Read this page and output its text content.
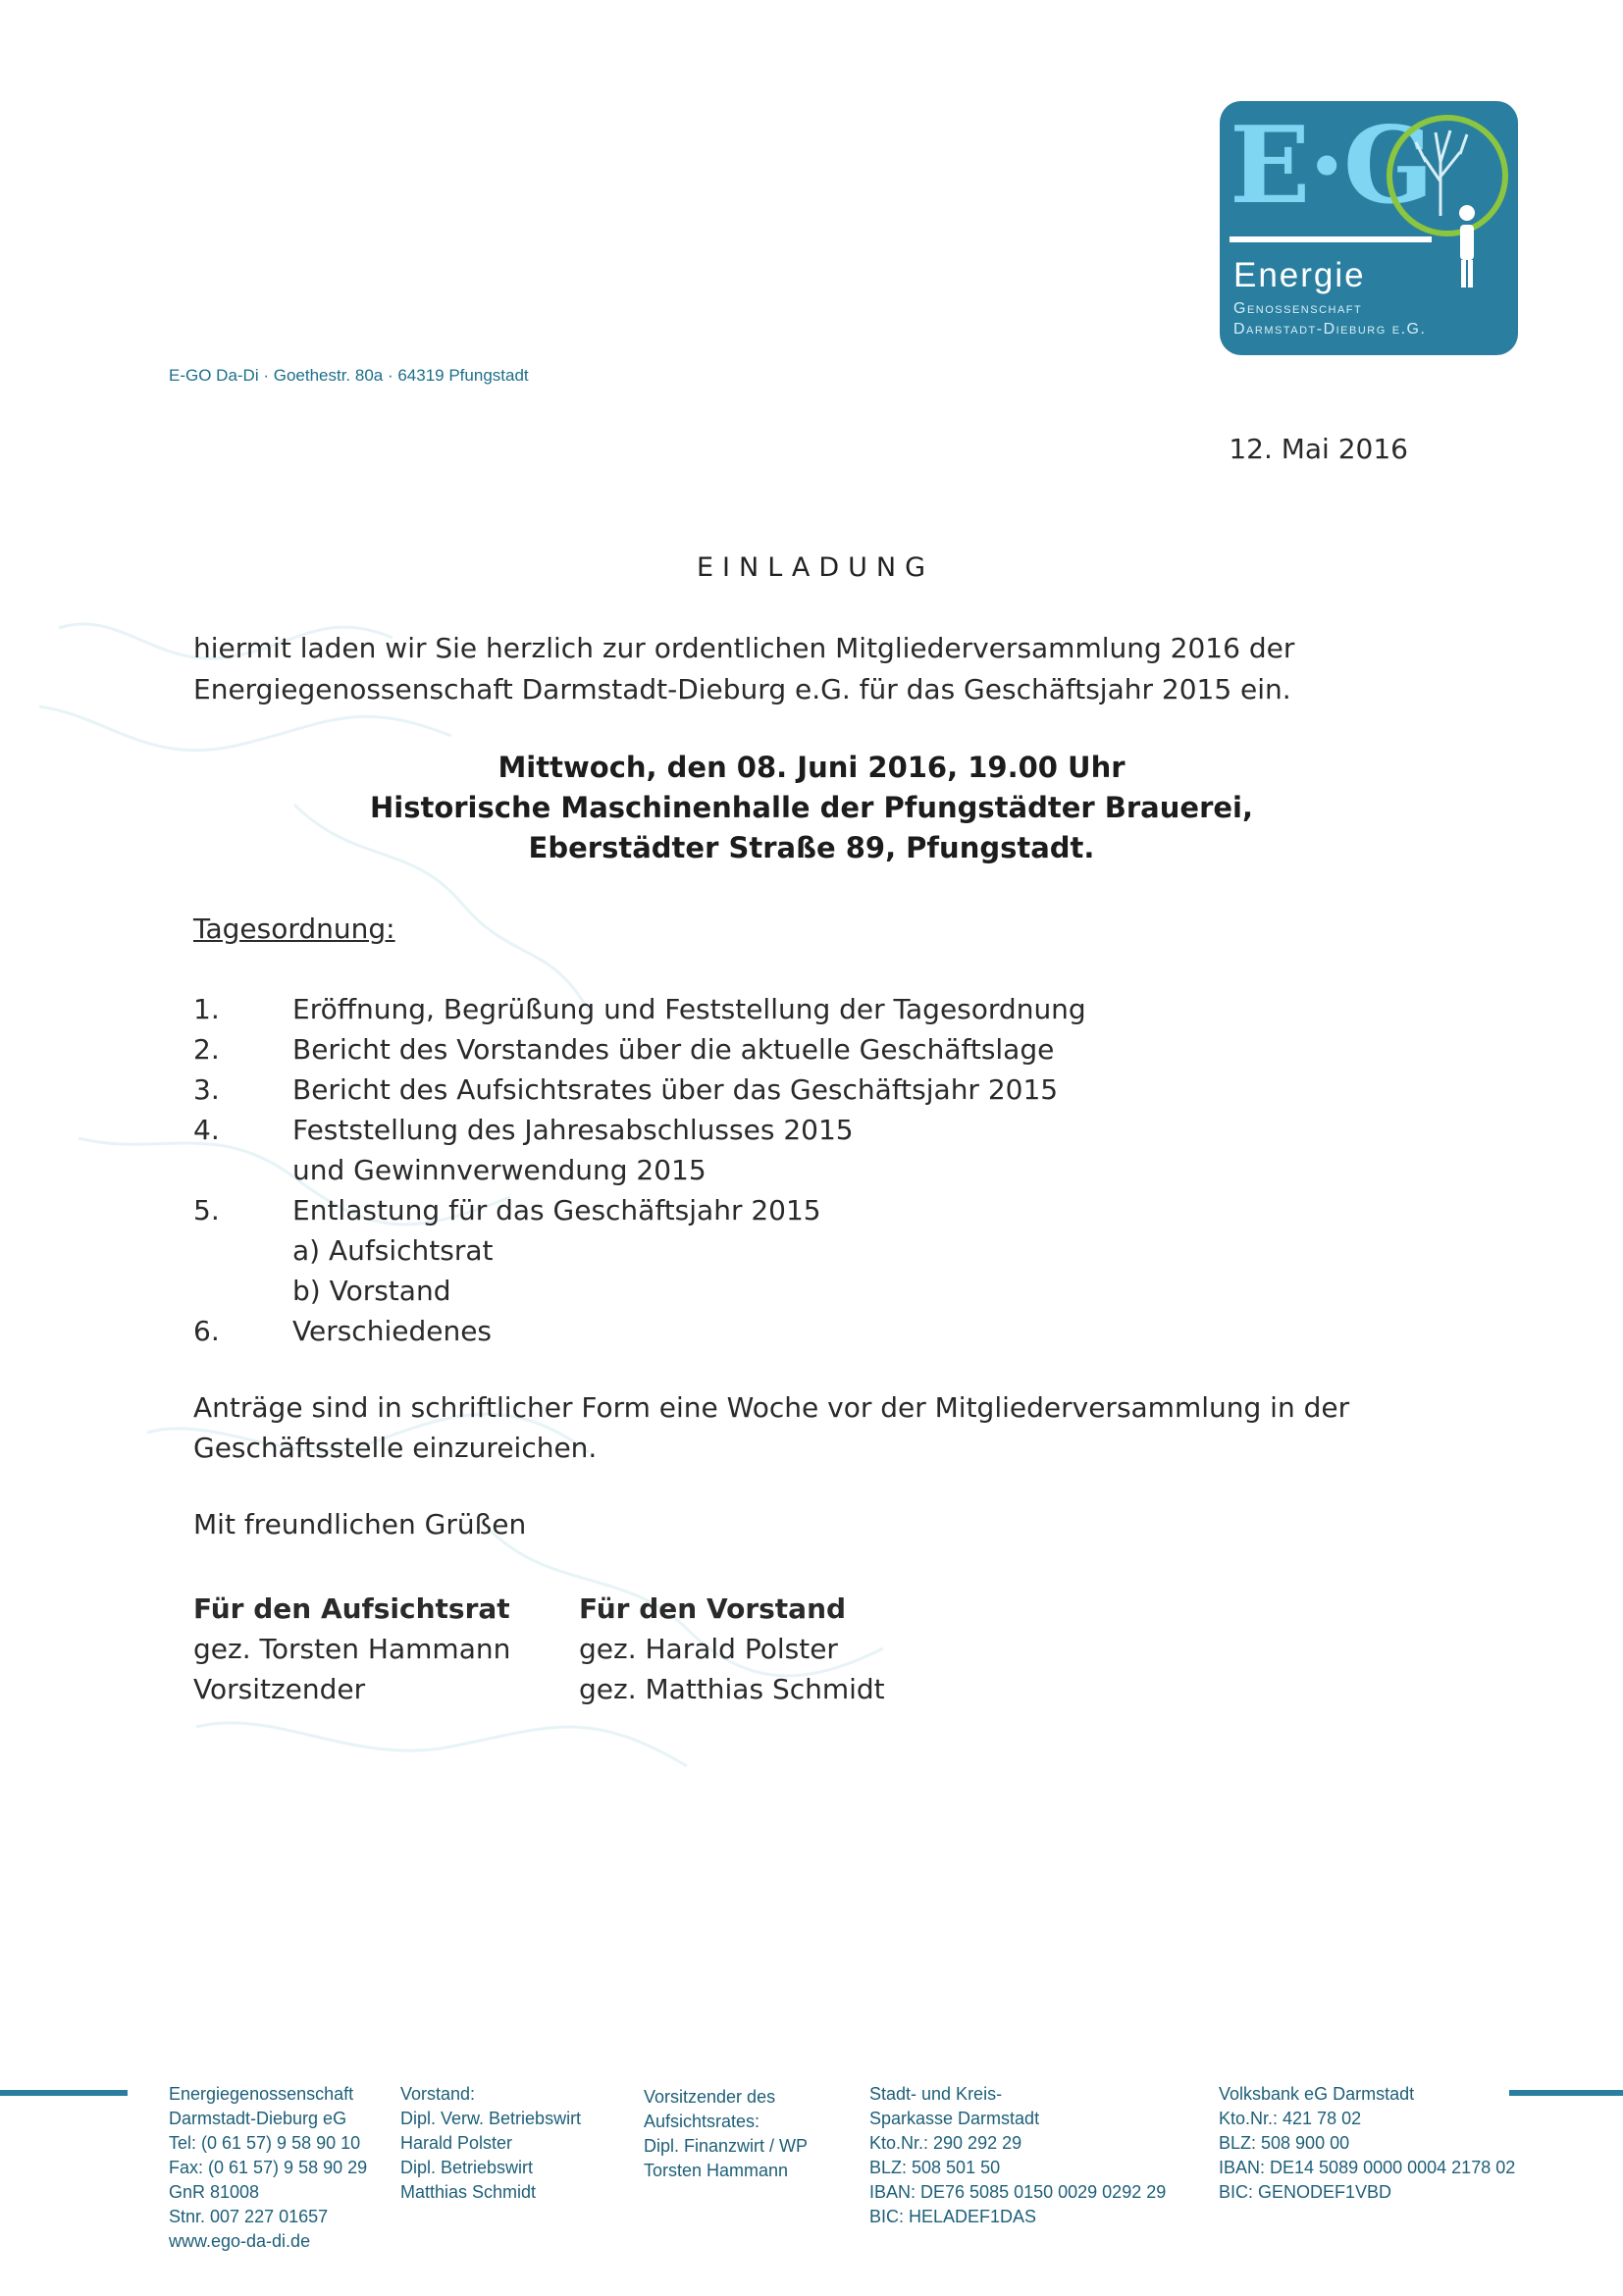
E·G
Energie
Genossenschaft
Darmstadt-Dieburg e.G.
E-GO Da-Di · Goethestr. 80a · 64319 Pfungstadt
12. Mai 2016
EINLADUNG
hiermit laden wir Sie herzlich zur ordentlichen Mitgliederversammlung 2016 der
Energiegenossenschaft Darmstadt-Dieburg e.G. für das Geschäftsjahr 2015 ein.
Mittwoch, den 08. Juni 2016, 19.00 Uhr
Historische Maschinenhalle der Pfungstädter Brauerei,
Eberstädter Straße 89, Pfungstadt.
Tagesordnung:
1.	Eröffnung, Begrüßung und Feststellung der Tagesordnung
2.	Bericht des Vorstandes über die aktuelle Geschäftslage
3.	Bericht des Aufsichtsrates über das Geschäftsjahr 2015
4.	Feststellung des Jahresabschlusses 2015
und Gewinnverwendung 2015
5.	Entlastung für das Geschäftsjahr 2015
a) Aufsichtsrat
b) Vorstand
6.	Verschiedenes
Anträge sind in schriftlicher Form eine Woche vor der Mitgliederversammlung in der
Geschäftsstelle einzureichen.
Mit freundlichen Grüßen
Für den Aufsichtsrat
gez. Torsten Hammann
Vorsitzender
Für den Vorstand
gez. Harald Polster
gez. Matthias Schmidt
Energiegenossenschaft
Darmstadt-Dieburg eG
Tel: (0 61 57) 9 58 90 10
Fax: (0 61 57) 9 58 90 29
GnR 81008
Stnr. 007 227 01657
www.ego-da-di.de
Vorstand:
Dipl. Verw. Betriebswirt
Harald Polster
Dipl. Betriebswirt
Matthias Schmidt
Vorsitzender des
Aufsichtsrates:
Dipl. Finanzwirt / WP
Torsten Hammann
Stadt- und Kreis-
Sparkasse Darmstadt
Kto.Nr.: 290 292 29
BLZ: 508 501 50
IBAN: DE76 5085 0150 0029 0292 29
BIC: HELADEF1DAS
Volksbank eG Darmstadt
Kto.Nr.: 421 78 02
BLZ: 508 900 00
IBAN: DE14 5089 0000 0004 2178 02
BIC: GENODEF1VBD
